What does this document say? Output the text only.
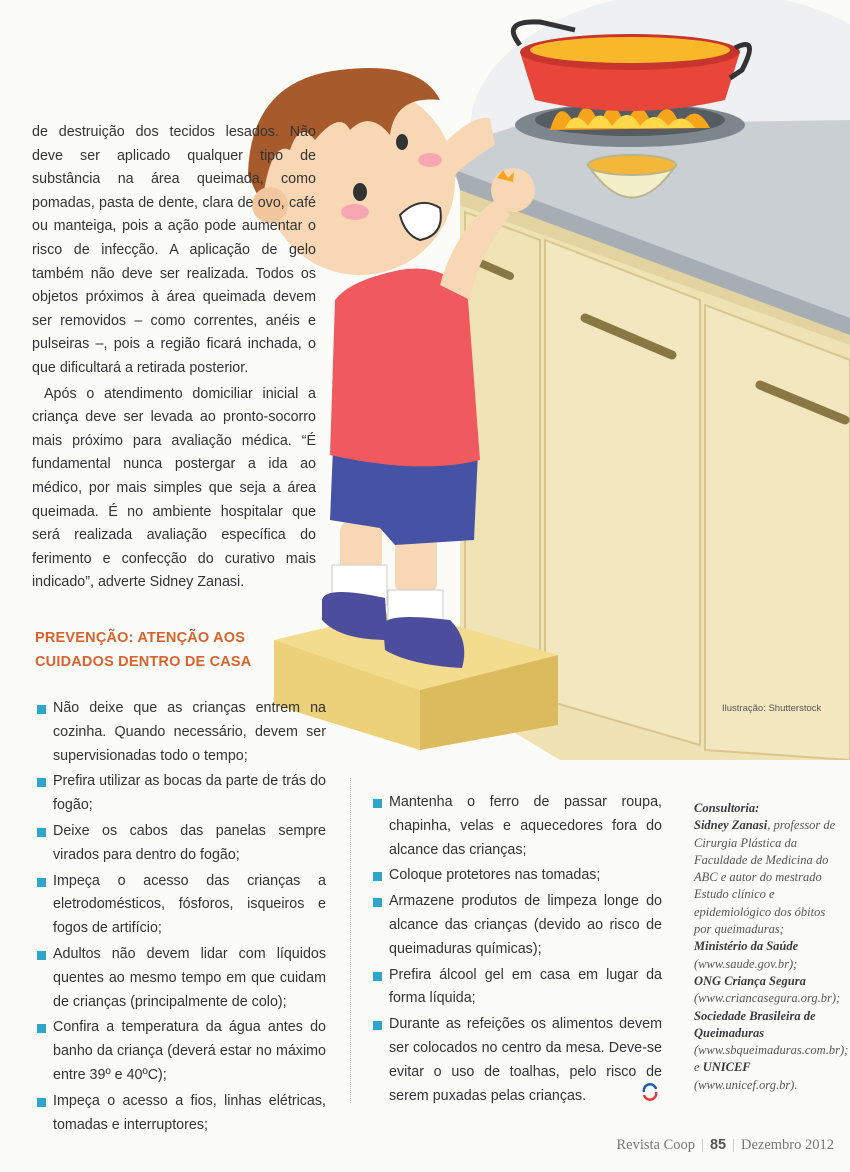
Ilustração: Shutterstock

de destruição dos tecidos lesados. Não deve ser aplicado qualquer tipo de substância na área queimada, como pomadas, pasta de dente, clara de ovo, café ou manteiga, pois a ação pode aumentar o risco de infecção. A aplicação de gelo também não deve ser realizada. Todos os objetos próximos à área queimada devem ser removidos – como correntes, anéis e pulseiras –, pois a região ficará inchada, o que dificultará a retirada posterior.

Após o atendimento domiciliar inicial a criança deve ser levada ao pronto-socorro mais próximo para avaliação médica. “É fundamental nunca postergar a ida ao médico, por mais simples que seja a área queimada. É no ambiente hospitalar que será realizada avaliação específica do ferimento e confecção do curativo mais indicado”, adverte Sidney Zanasi.

PREVENÇÃO: ATENÇÃO AOS
CUIDADOS DENTRO DE CASA
Não deixe que as crianças entrem na cozinha. Quando necessário, devem ser supervisionadas todo o tempo;
Prefira utilizar as bocas da parte de trás do fogão;
Deixe os cabos das panelas sempre virados para dentro do fogão;
Impeça o acesso das crianças a eletrodomésticos, fósforos, isqueiros e fogos de artifício;
Adultos não devem lidar com líquidos quentes ao mesmo tempo em que cuidam de crianças (principalmente de colo);
Confira a temperatura da água antes do banho da criança (deverá estar no máximo entre 39º e 40ºC);
Impeça o acesso a fios, linhas elétricas, tomadas e interruptores;
Mantenha o ferro de passar roupa, chapinha, velas e aquecedores fora do alcance das crianças;
Coloque protetores nas tomadas;
Armazene produtos de limpeza longe do alcance das crianças (devido ao risco de queimaduras químicas);
Prefira álcool gel em casa em lugar da forma líquida;
Durante as refeições os alimentos devem ser colocados no centro da mesa. Deve-se evitar o uso de toalhas, pelo risco de serem puxadas pelas crianças.
Consultoria:
Sidney Zanasi, professor de Cirurgia Plástica da Faculdade de Medicina do ABC e autor do mestrado Estudo clínico e epidemiológico dos óbitos por queimaduras;
Ministério da Saúde
(www.saude.gov.br);
ONG Criança Segura
(www.criancasegura.org.br);
Sociedade Brasileira de Queimaduras
(www.sbqueimaduras.com.br);
e UNICEF
(www.unicef.org.br).
Revista Coop | 85 | Dezembro 2012
